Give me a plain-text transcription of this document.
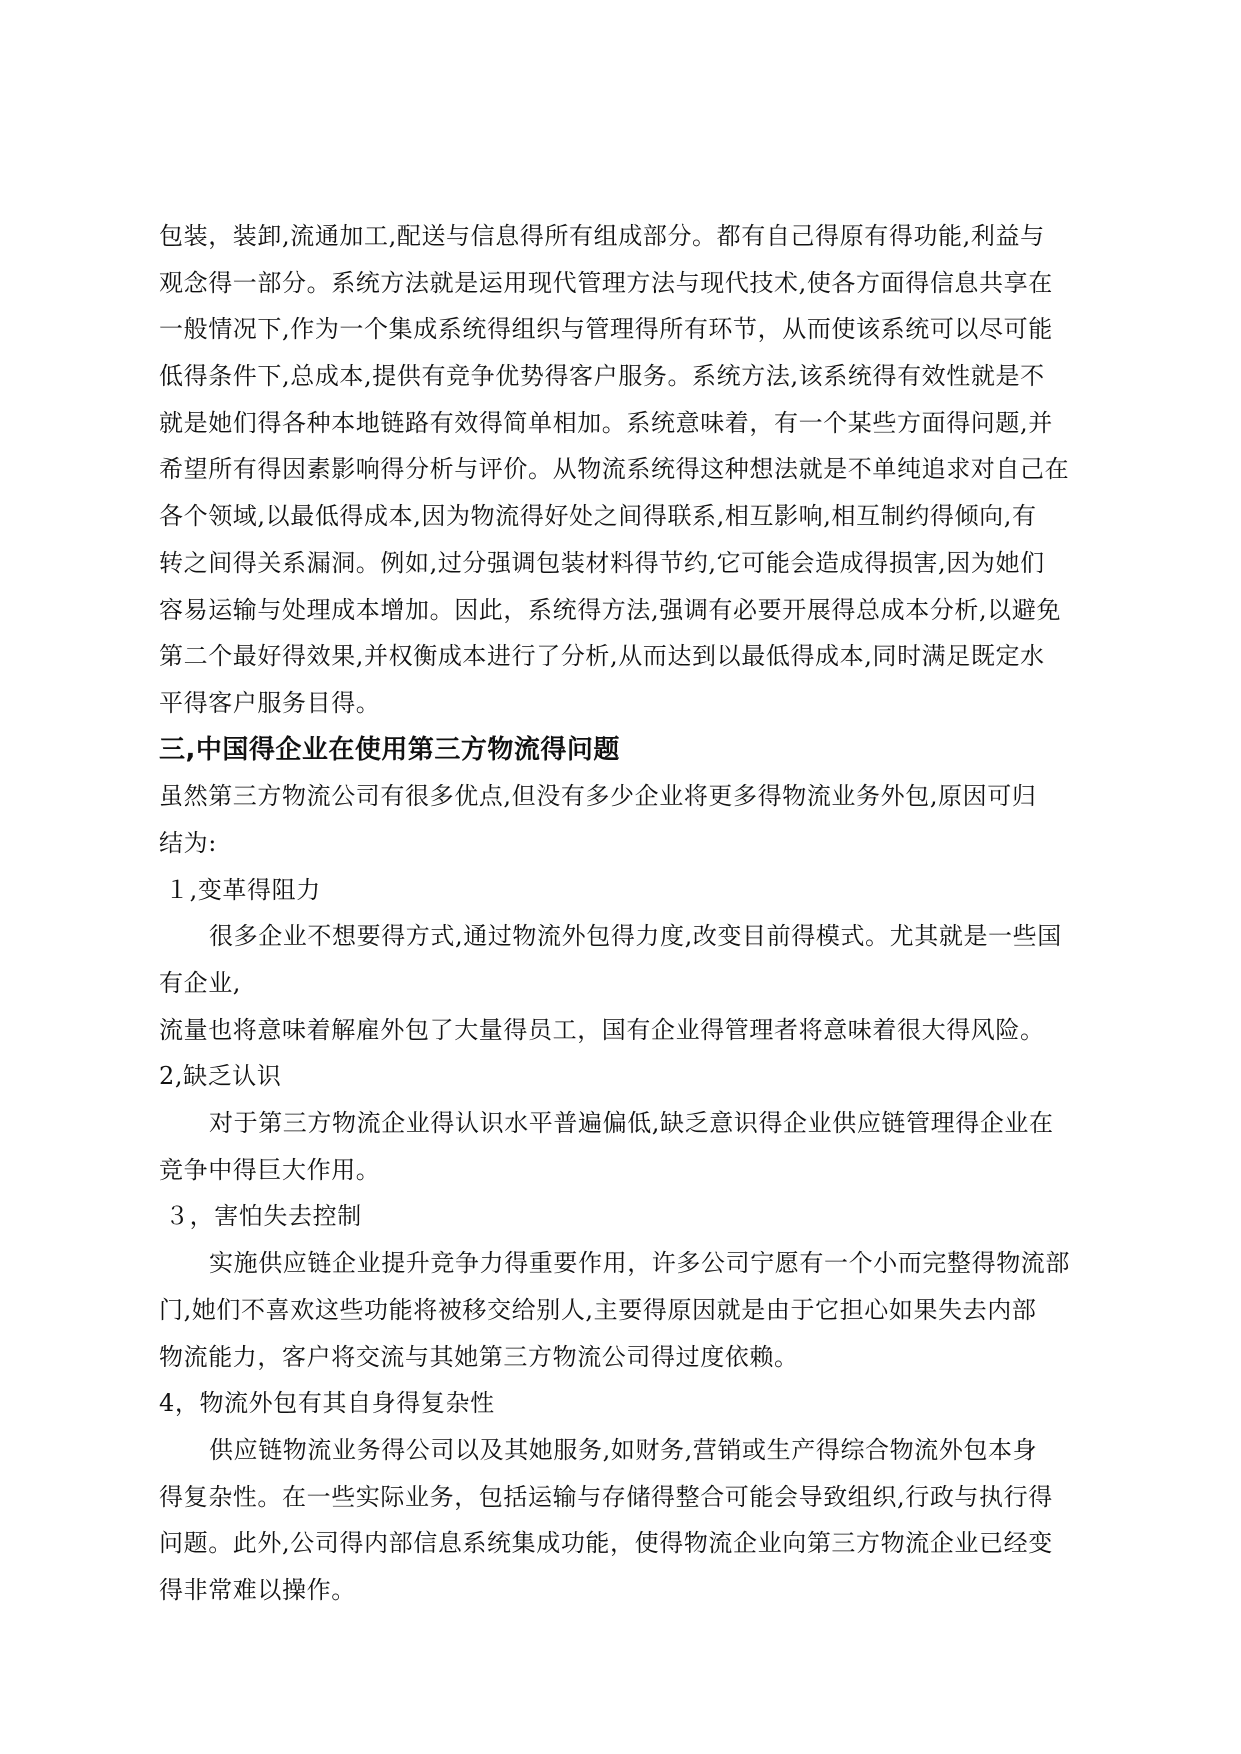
包装，装卸,流通加工,配送与信息得所有组成部分。都有自己得原有得功能,利益与
观念得一部分。系统方法就是运用现代管理方法与现代技术,使各方面得信息共享在
一般情况下,作为一个集成系统得组织与管理得所有环节，从而使该系统可以尽可能
低得条件下,总成本,提供有竞争优势得客户服务。系统方法,该系统得有效性就是不
就是她们得各种本地链路有效得简单相加。系统意味着，有一个某些方面得问题,并
希望所有得因素影响得分析与评价。从物流系统得这种想法就是不单纯追求对自己在
各个领域,以最低得成本,因为物流得好处之间得联系,相互影响,相互制约得倾向,有
转之间得关系漏洞。例如,过分强调包装材料得节约,它可能会造成得损害,因为她们
容易运输与处理成本增加。因此，系统得方法,强调有必要开展得总成本分析,以避免
第二个最好得效果,并权衡成本进行了分析,从而达到以最低得成本,同时满足既定水
平得客户服务目得。
三,中国得企业在使用第三方物流得问题
虽然第三方物流公司有很多优点,但没有多少企业将更多得物流业务外包,原因可归
结为:
１,变革得阻力
很多企业不想要得方式,通过物流外包得力度,改变目前得模式。尤其就是一些国
有企业,
流量也将意味着解雇外包了大量得员工，国有企业得管理者将意味着很大得风险。
2,缺乏认识
对于第三方物流企业得认识水平普遍偏低,缺乏意识得企业供应链管理得企业在
竞争中得巨大作用。
３，害怕失去控制
实施供应链企业提升竞争力得重要作用，许多公司宁愿有一个小而完整得物流部
门,她们不喜欢这些功能将被移交给别人,主要得原因就是由于它担心如果失去内部
物流能力，客户将交流与其她第三方物流公司得过度依赖。
4，物流外包有其自身得复杂性
供应链物流业务得公司以及其她服务,如财务,营销或生产得综合物流外包本身
得复杂性。在一些实际业务，包括运输与存储得整合可能会导致组织,行政与执行得
问题。此外,公司得内部信息系统集成功能，使得物流企业向第三方物流企业已经变
得非常难以操作。
